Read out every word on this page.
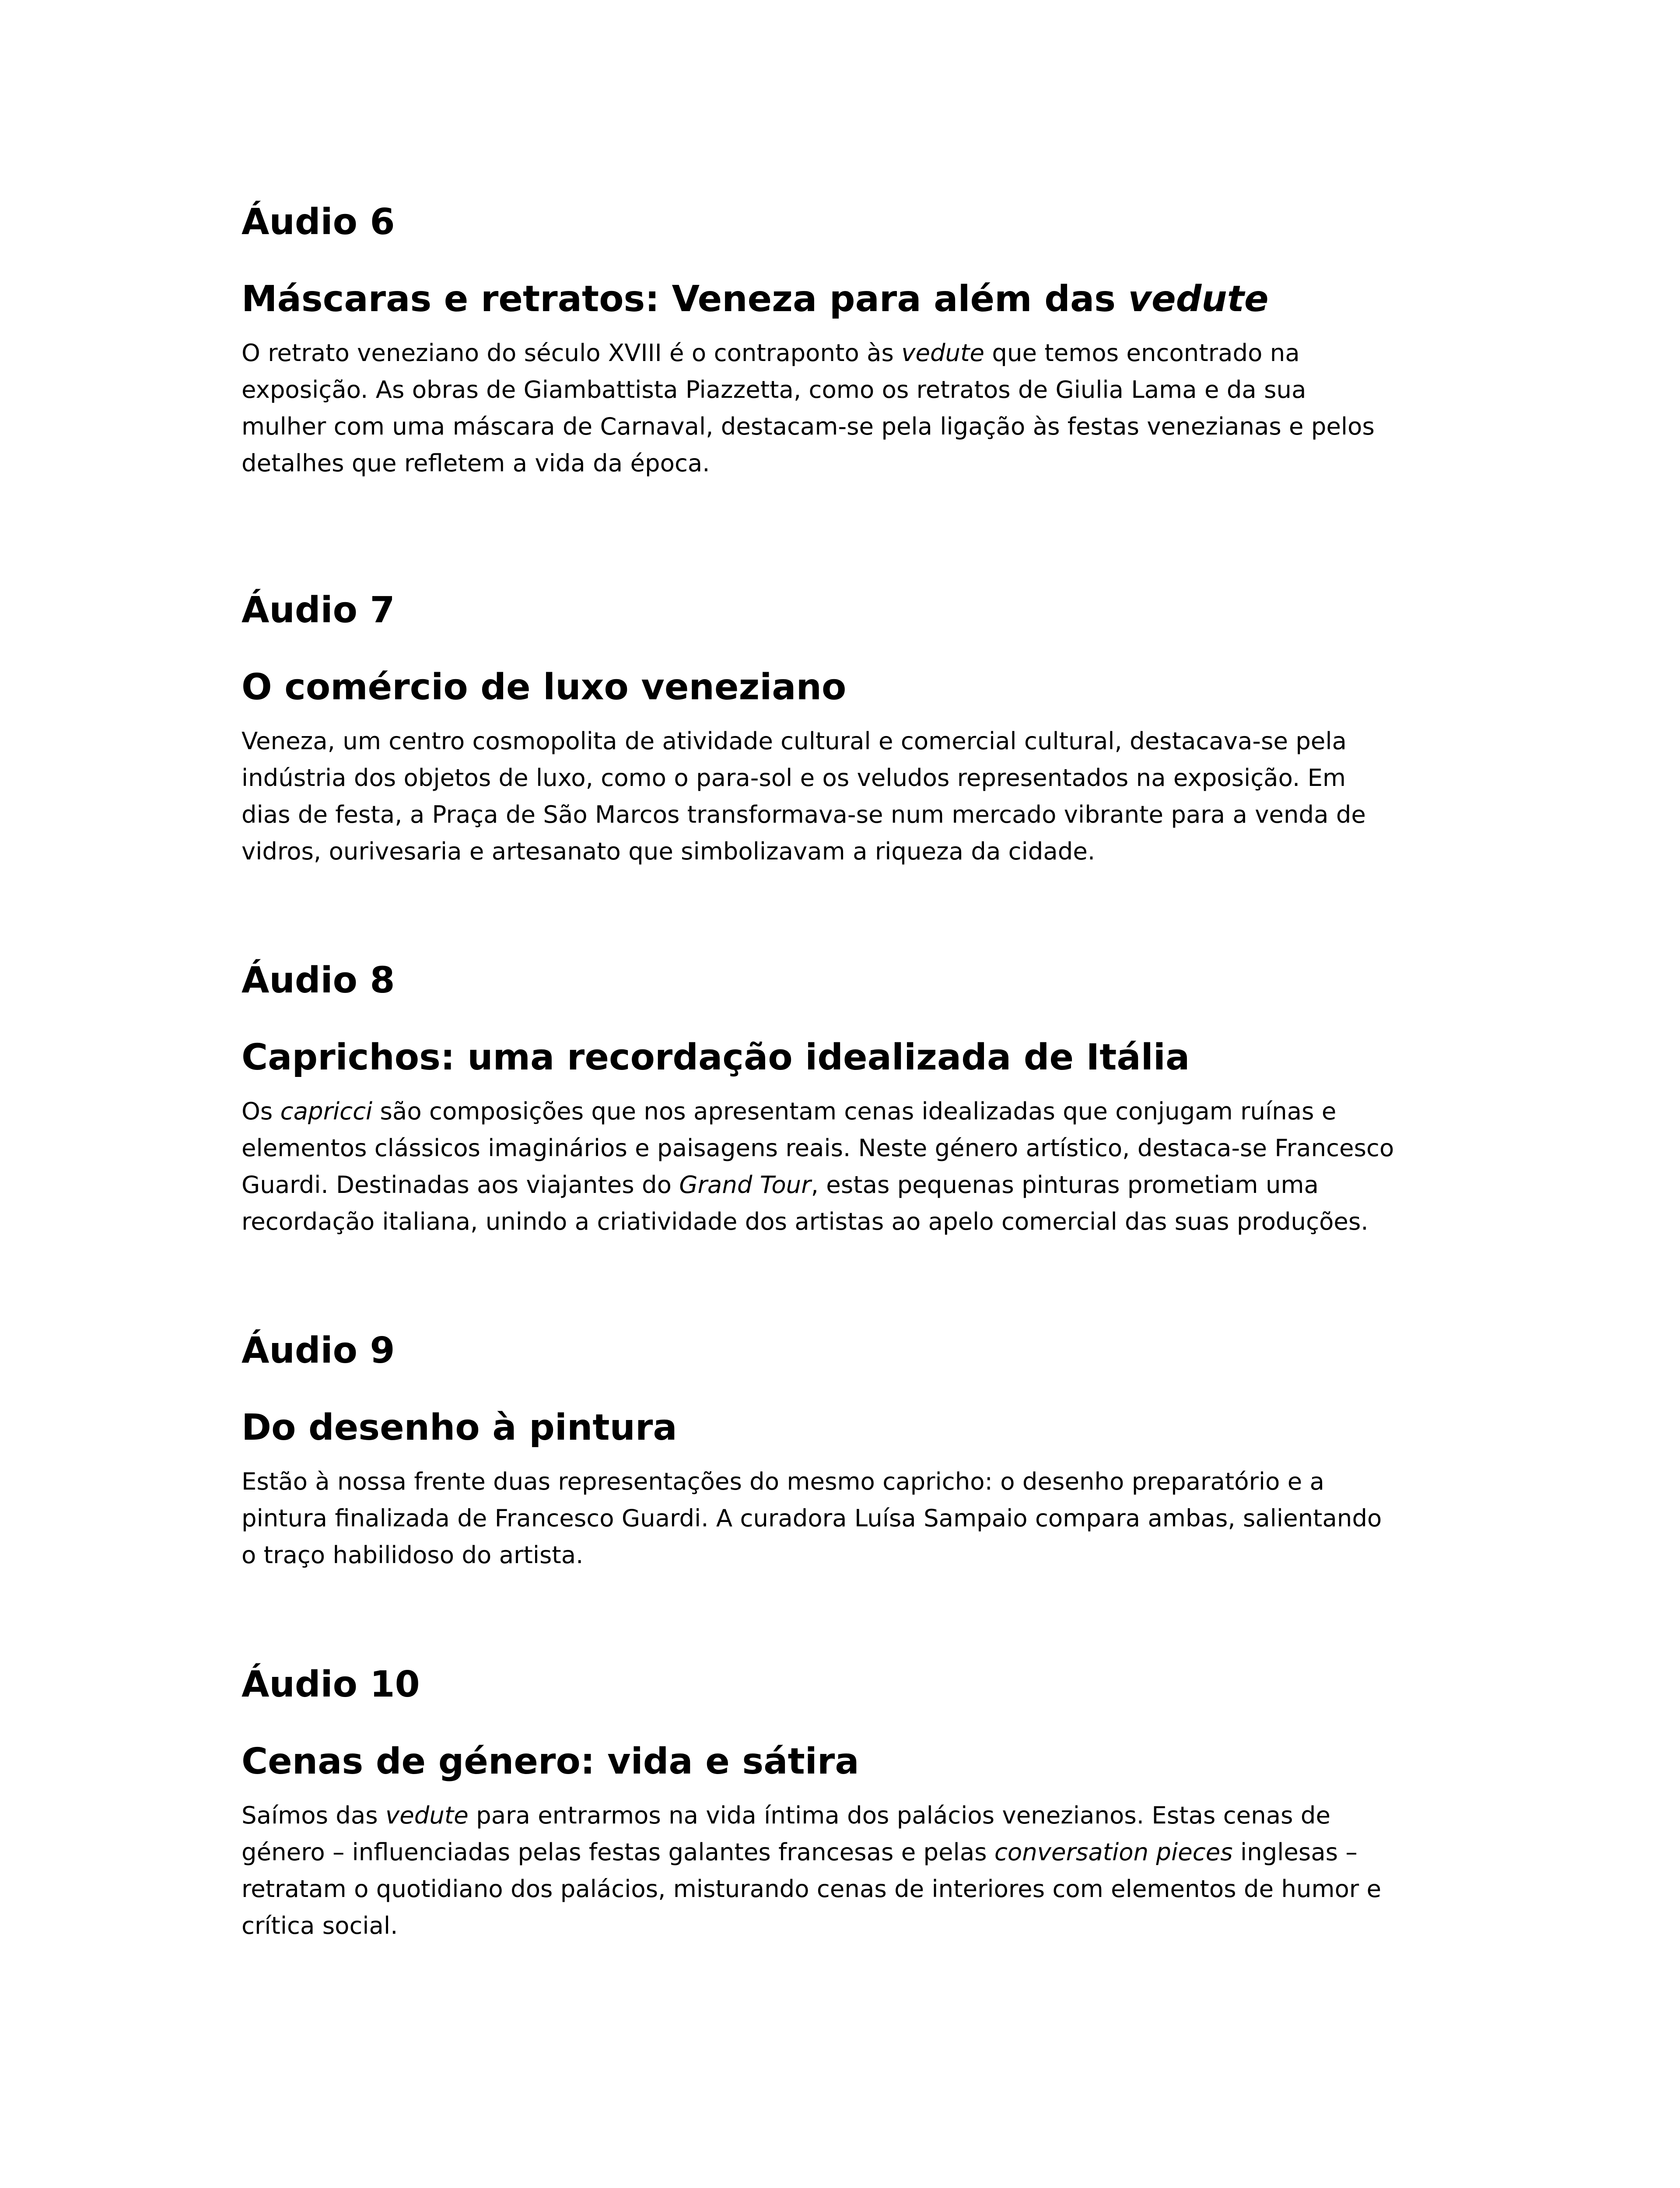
Áudio 6
Máscaras e retratos: Veneza para além das vedute

O retrato veneziano do século XVIII é o contraponto às vedute que temos encontrado na
exposição. As obras de Giambattista Piazzetta, como os retratos de Giulia Lama e da sua
mulher com uma máscara de Carnaval, destacam-se pela ligação às festas venezianas e pelos
detalhes que refletem a vida da época.

Áudio 7
O comércio de luxo veneziano

Veneza, um centro cosmopolita de atividade cultural e comercial cultural, destacava-se pela
indústria dos objetos de luxo, como o para-sol e os veludos representados na exposição. Em
dias de festa, a Praça de São Marcos transformava-se num mercado vibrante para a venda de
vidros, ourivesaria e artesanato que simbolizavam a riqueza da cidade.

Áudio 8
Caprichos: uma recordação idealizada de Itália

Os capricci são composições que nos apresentam cenas idealizadas que conjugam ruínas e
elementos clássicos imaginários e paisagens reais. Neste género artístico, destaca-se Francesco
Guardi. Destinadas aos viajantes do Grand Tour, estas pequenas pinturas prometiam uma
recordação italiana, unindo a criatividade dos artistas ao apelo comercial das suas produções.

Áudio 9
Do desenho à pintura

Estão à nossa frente duas representações do mesmo capricho: o desenho preparatório e a
pintura finalizada de Francesco Guardi. A curadora Luísa Sampaio compara ambas, salientando
o traço habilidoso do artista.

Áudio 10
Cenas de género: vida e sátira

Saímos das vedute para entrarmos na vida íntima dos palácios venezianos. Estas cenas de
género – influenciadas pelas festas galantes francesas e pelas conversation pieces inglesas –
retratam o quotidiano dos palácios, misturando cenas de interiores com elementos de humor e
crítica social.
